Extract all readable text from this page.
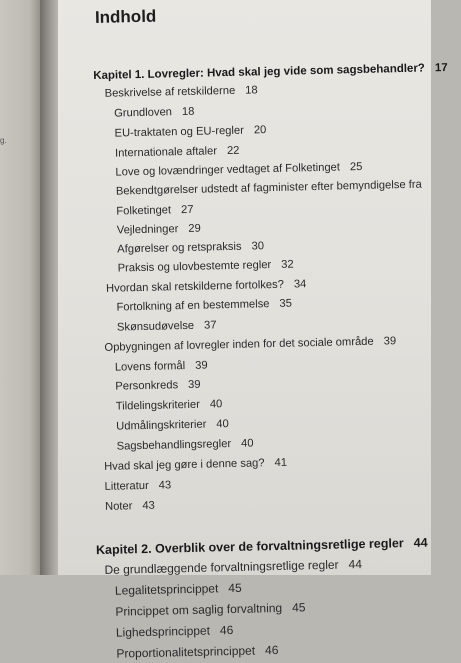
g.
Indhold
Kapitel 1. Lovregler: Hvad skal jeg vide som sagsbehandler? 17
Beskrivelse af retskilderne 18
Grundloven 18
EU-traktaten og EU-regler 20
Internationale aftaler 22
Love og lovændringer vedtaget af Folketinget 25
Bekendtgørelser udstedt af fagminister efter bemyndigelse fra
Folketinget 27
Vejledninger 29
Afgørelser og retspraksis 30
Praksis og ulovbestemte regler 32
Hvordan skal retskilderne fortolkes? 34
Fortolkning af en bestemmelse 35
Skønsudøvelse 37
Opbygningen af lovregler inden for det sociale område 39
Lovens formål 39
Personkreds 39
Tildelingskriterier 40
Udmålingskriterier 40
Sagsbehandlingsregler 40
Hvad skal jeg gøre i denne sag? 41
Litteratur 43
Noter 43
Kapitel 2. Overblik over de forvaltningsretlige regler 44
De grundlæggende forvaltningsretlige regler 44
Legalitetsprincippet 45
Princippet om saglig forvaltning 45
Lighedsprincippet 46
Proportionalitetsprincippet 46
